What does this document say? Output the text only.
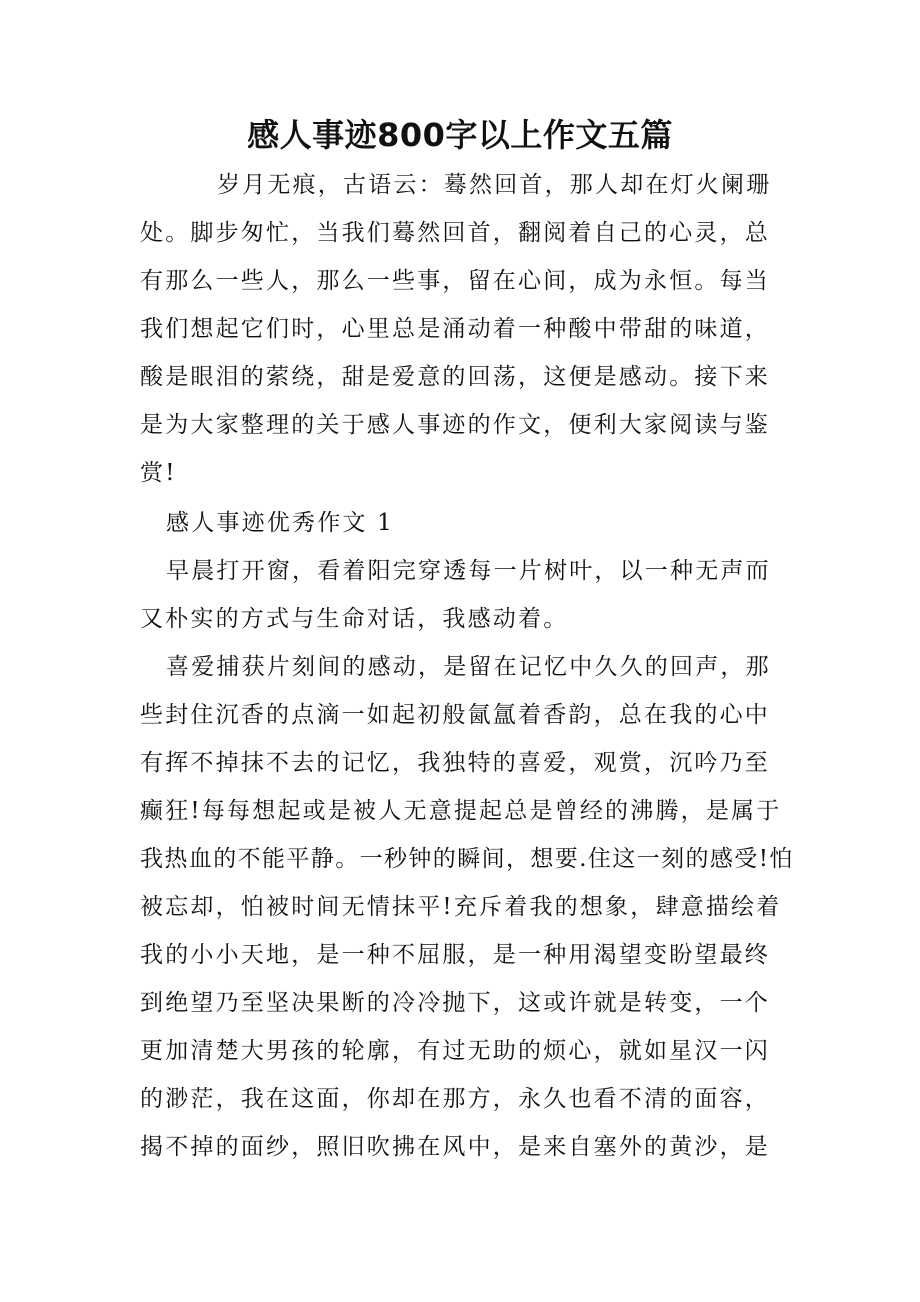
感人事迹800字以上作文五篇
岁月无痕，古语云：蓦然回首，那人却在灯火阑珊
处。脚步匆忙，当我们蓦然回首，翻阅着自己的心灵，总
有那么一些人，那么一些事，留在心间，成为永恒。每当
我们想起它们时，心里总是涌动着一种酸中带甜的味道，
酸是眼泪的萦绕，甜是爱意的回荡，这便是感动。接下来
是为大家整理的关于感人事迹的作文，便利大家阅读与鉴
赏!
感人事迹优秀作文 1
早晨打开窗，看着阳完穿透每一片树叶，以一种无声而
又朴实的方式与生命对话，我感动着。
喜爱捕获片刻间的感动，是留在记忆中久久的回声，那
些封住沉香的点滴一如起初般氤氲着香韵，总在我的心中
有挥不掉抹不去的记忆，我独特的喜爱，观赏，沉吟乃至
癫狂!每每想起或是被人无意提起总是曾经的沸腾，是属于
我热血的不能平静。一秒钟的瞬间，想要.住这一刻的感受!怕
被忘却，怕被时间无情抹平!充斥着我的想象，肆意描绘着
我的小小天地，是一种不屈服，是一种用渴望变盼望最终
到绝望乃至坚决果断的冷冷抛下，这或许就是转变，一个
更加清楚大男孩的轮廓，有过无助的烦心，就如星汉一闪
的渺茫，我在这面，你却在那方，永久也看不清的面容，
揭不掉的面纱，照旧吹拂在风中，是来自塞外的黄沙，是
